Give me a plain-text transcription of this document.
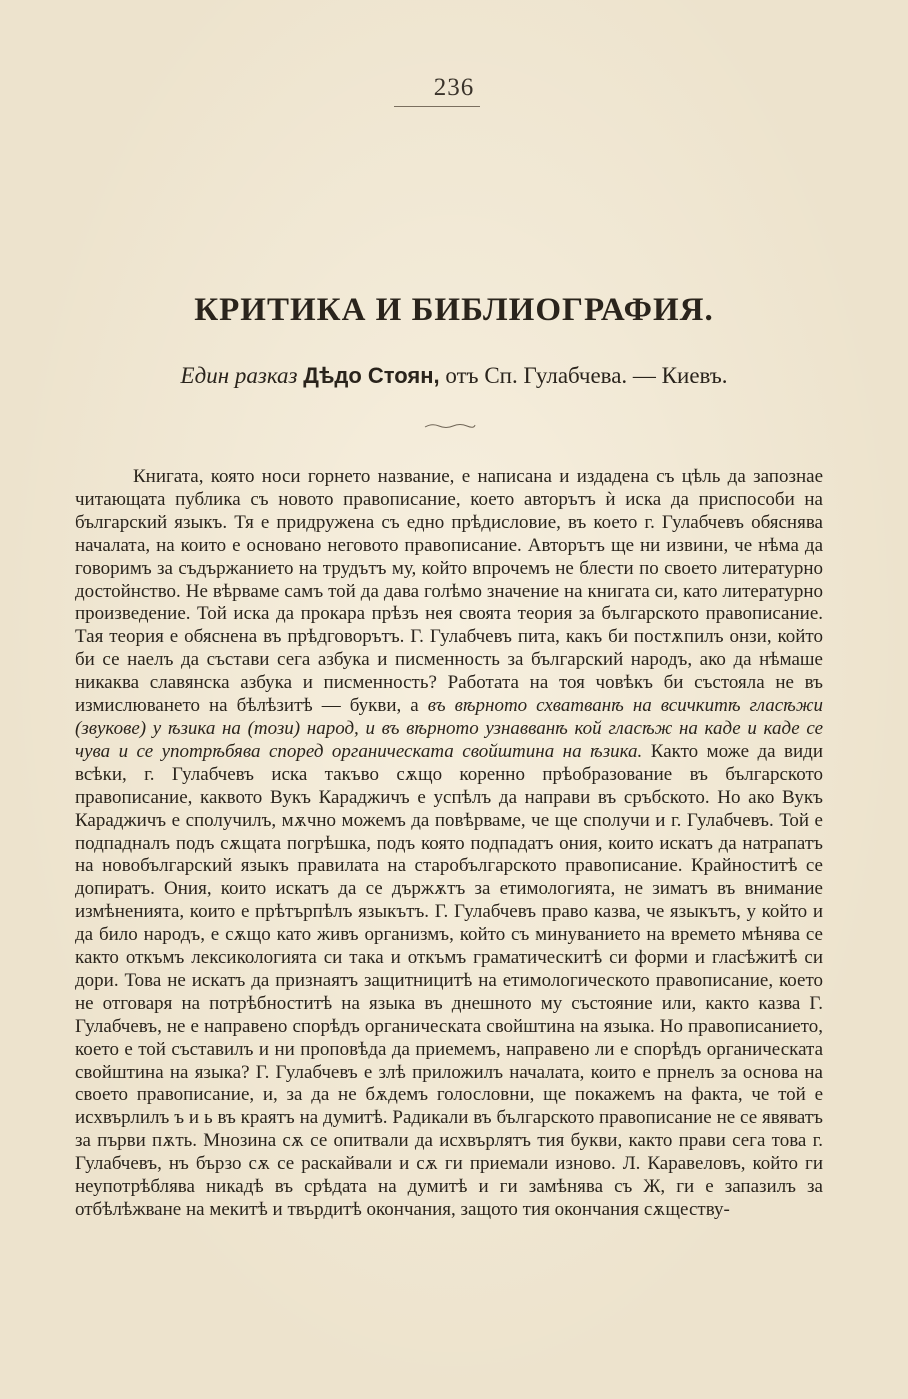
236
КРИТИКА И БИБЛИОГРАФИЯ.
Един разказ Дѣдо Стоян, отъ Сп. Гулабчева. — Киевъ.

Книгата, която носи горнето название, е написана и издадена съ цѣль да запознае читающата публика съ новото правописание, което авторътъ ѝ иска да приспособи на българский языкъ. Тя е придружена съ едно прѣдисловие, въ което г. Гулабчевъ обяснява началата, на които е основано неговото правописание. Авторътъ ще ни извини, че нѣма да говоримъ за съдържанието на трудътъ му, който впрочемъ не блести по своето литературно достойнство. Не вѣрваме самъ той да дава голѣмо значение на книгата си, като литературно произведение. Той иска да прокара прѣзъ нея своята теория за българското правописание. Тая теория е обяснена въ прѣдговорътъ. Г. Гулабчевъ пита, какъ би постѫпилъ онзи, който би се наелъ да състави сега азбука и писменность за българский народъ, ако да нѣмаше никаква славянска азбука и писменность? Работата на тоя човѣкъ би състояла не въ измислюването на бѣлѣзитѣ — букви, а въ вѣрното схватванѣ на всичкитѣ гласѣжи (звукове) у ѣзика на (този) народ, и въ вѣрното узнавванѣ кой гласѣж на каде и каде се чува и се употрѣбява според органическата свойштина на ѣзика. Както може да види всѣки, г. Гулабчевъ иска такъво сѫщо коренно прѣобразование въ българското правописание, каквото Вукъ Караджичъ е успѣлъ да направи въ сръбското. Но ако Вукъ Караджичъ е сполучилъ, мѫчно можемъ да повѣрваме, че ще сполучи и г. Гулабчевъ. Той е подпадналъ подъ сѫщата погрѣшка, подъ която подпадатъ ония, които искатъ да натрапатъ на новобългарский языкъ правилата на старобългарското правописание. Крайноститѣ се допиратъ. Ония, които искатъ да се държѫтъ за етимологията, не зиматъ въ внимание измѣненията, които е прѣтърпѣлъ языкътъ. Г. Гулабчевъ право казва, че языкътъ, у който и да било народъ, е сѫщо като живъ организмъ, който съ минуванието на времето мѣнява се както откъмъ лексикологията си така и откъмъ граматическитѣ си форми и гласѣжитѣ си дори. Това не искатъ да признаятъ защитницитѣ на етимологическото правописание, което не отговаря на потрѣбноститѣ на языка въ днешното му състояние или, както казва Г. Гулабчевъ, не е направено спорѣдъ органическата свойштина на языка. Но правописанието, което е той съставилъ и ни проповѣда да приемемъ, направено ли е спорѣдъ органическата свойштина на языка? Г. Гулабчевъ е злѣ приложилъ началата, които е прнелъ за основа на своето правописание, и, за да не бѫдемъ голословни, ще покажемъ на факта, че той е исхвърлилъ ъ и ь въ краятъ на думитѣ. Радикали въ българското правописание не се явяватъ за първи пѫть. Мнозина сѫ се опитвали да исхвърлятъ тия букви, както прави сега това г. Гулабчевъ, нъ бързо сѫ се раскайвали и сѫ ги приемали изново. Л. Каравеловъ, който ги неупотрѣблява никадѣ въ срѣдата на думитѣ и ги замѣнява съ Ж, ги е запазилъ за отбѣлѣжване на мекитѣ и твърдитѣ окончания, защото тия окончания сѫществу-
